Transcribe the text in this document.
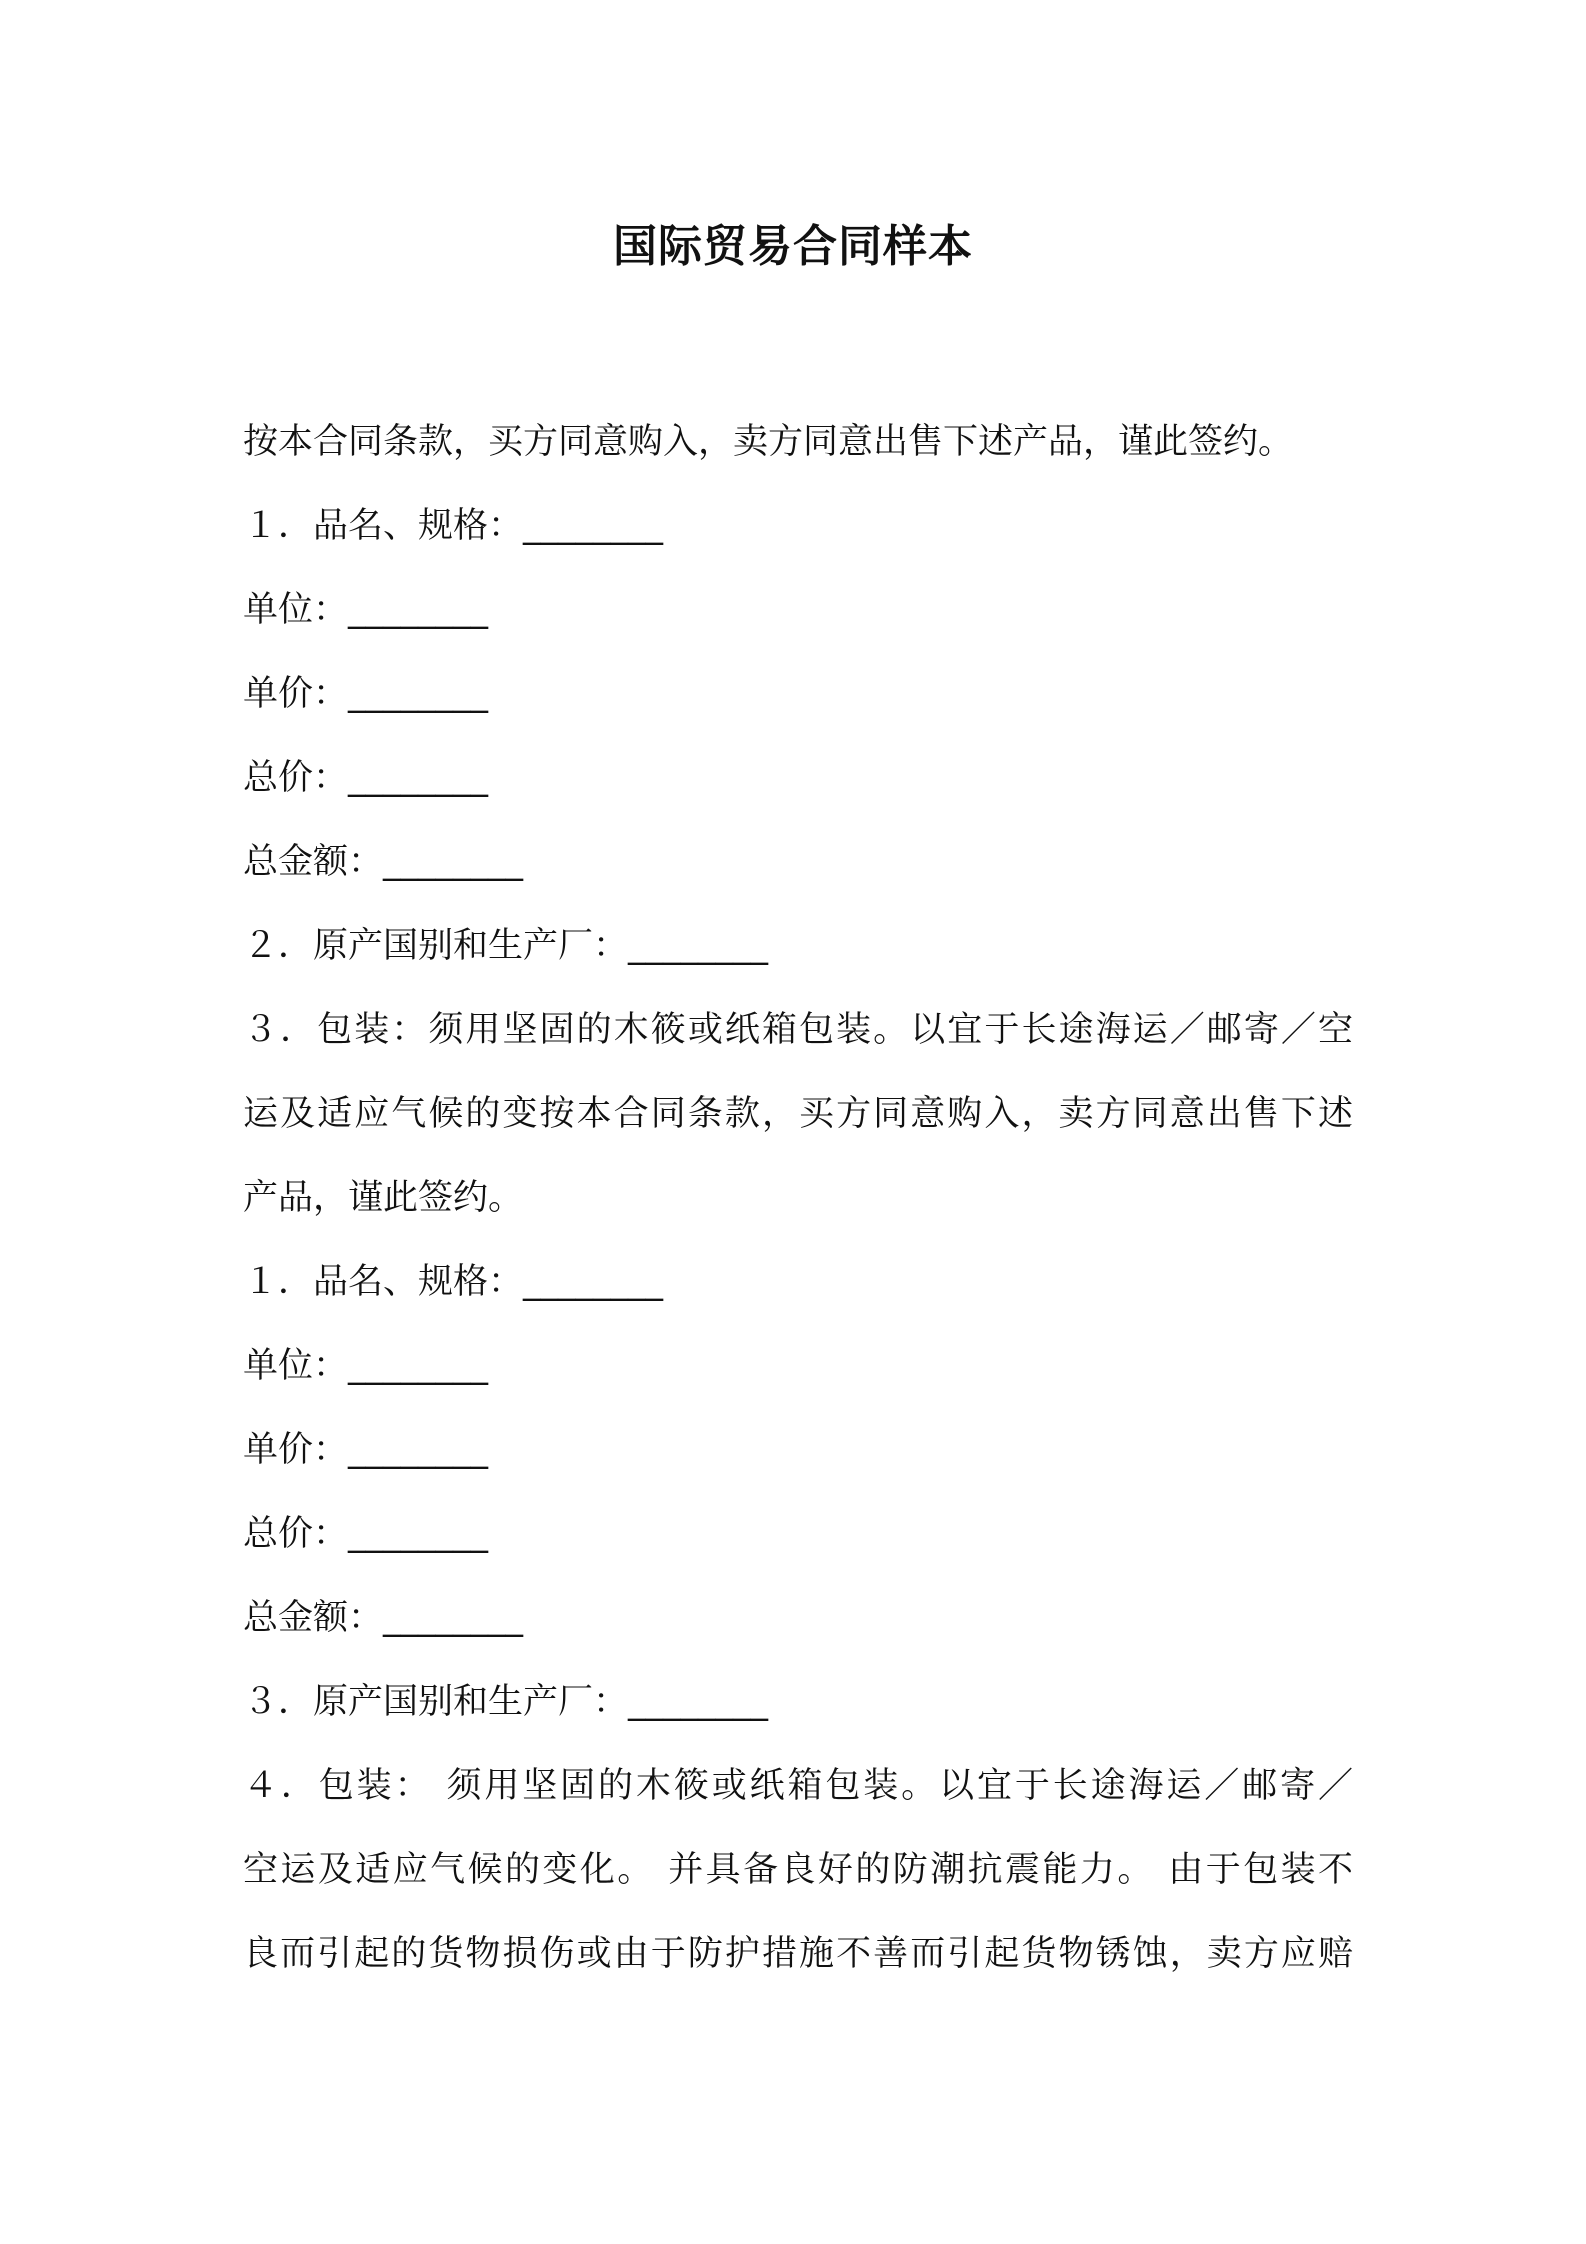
国际贸易合同样本
按本合同条款，买方同意购入，卖方同意出售下述产品，谨此签约。
１．品名、规格：________
单位：________
单价：________
总价：________
总金额：________
２．原产国别和生产厂：________
３．包装：须用坚固的木筱或纸箱包装。以宜于长途海运／邮寄／空
运及适应气候的变按本合同条款，买方同意购入，卖方同意出售下述
产品，谨此签约。
１．品名、规格：________
单位：________
单价：________
总价：________
总金额：________
３．原产国别和生产厂：________
４．包装： 须用坚固的木筱或纸箱包装。以宜于长途海运／邮寄／
空运及适应气候的变化。 并具备良好的防潮抗震能力。 由于包装不
良而引起的货物损伤或由于防护措施不善而引起货物锈蚀，卖方应赔
